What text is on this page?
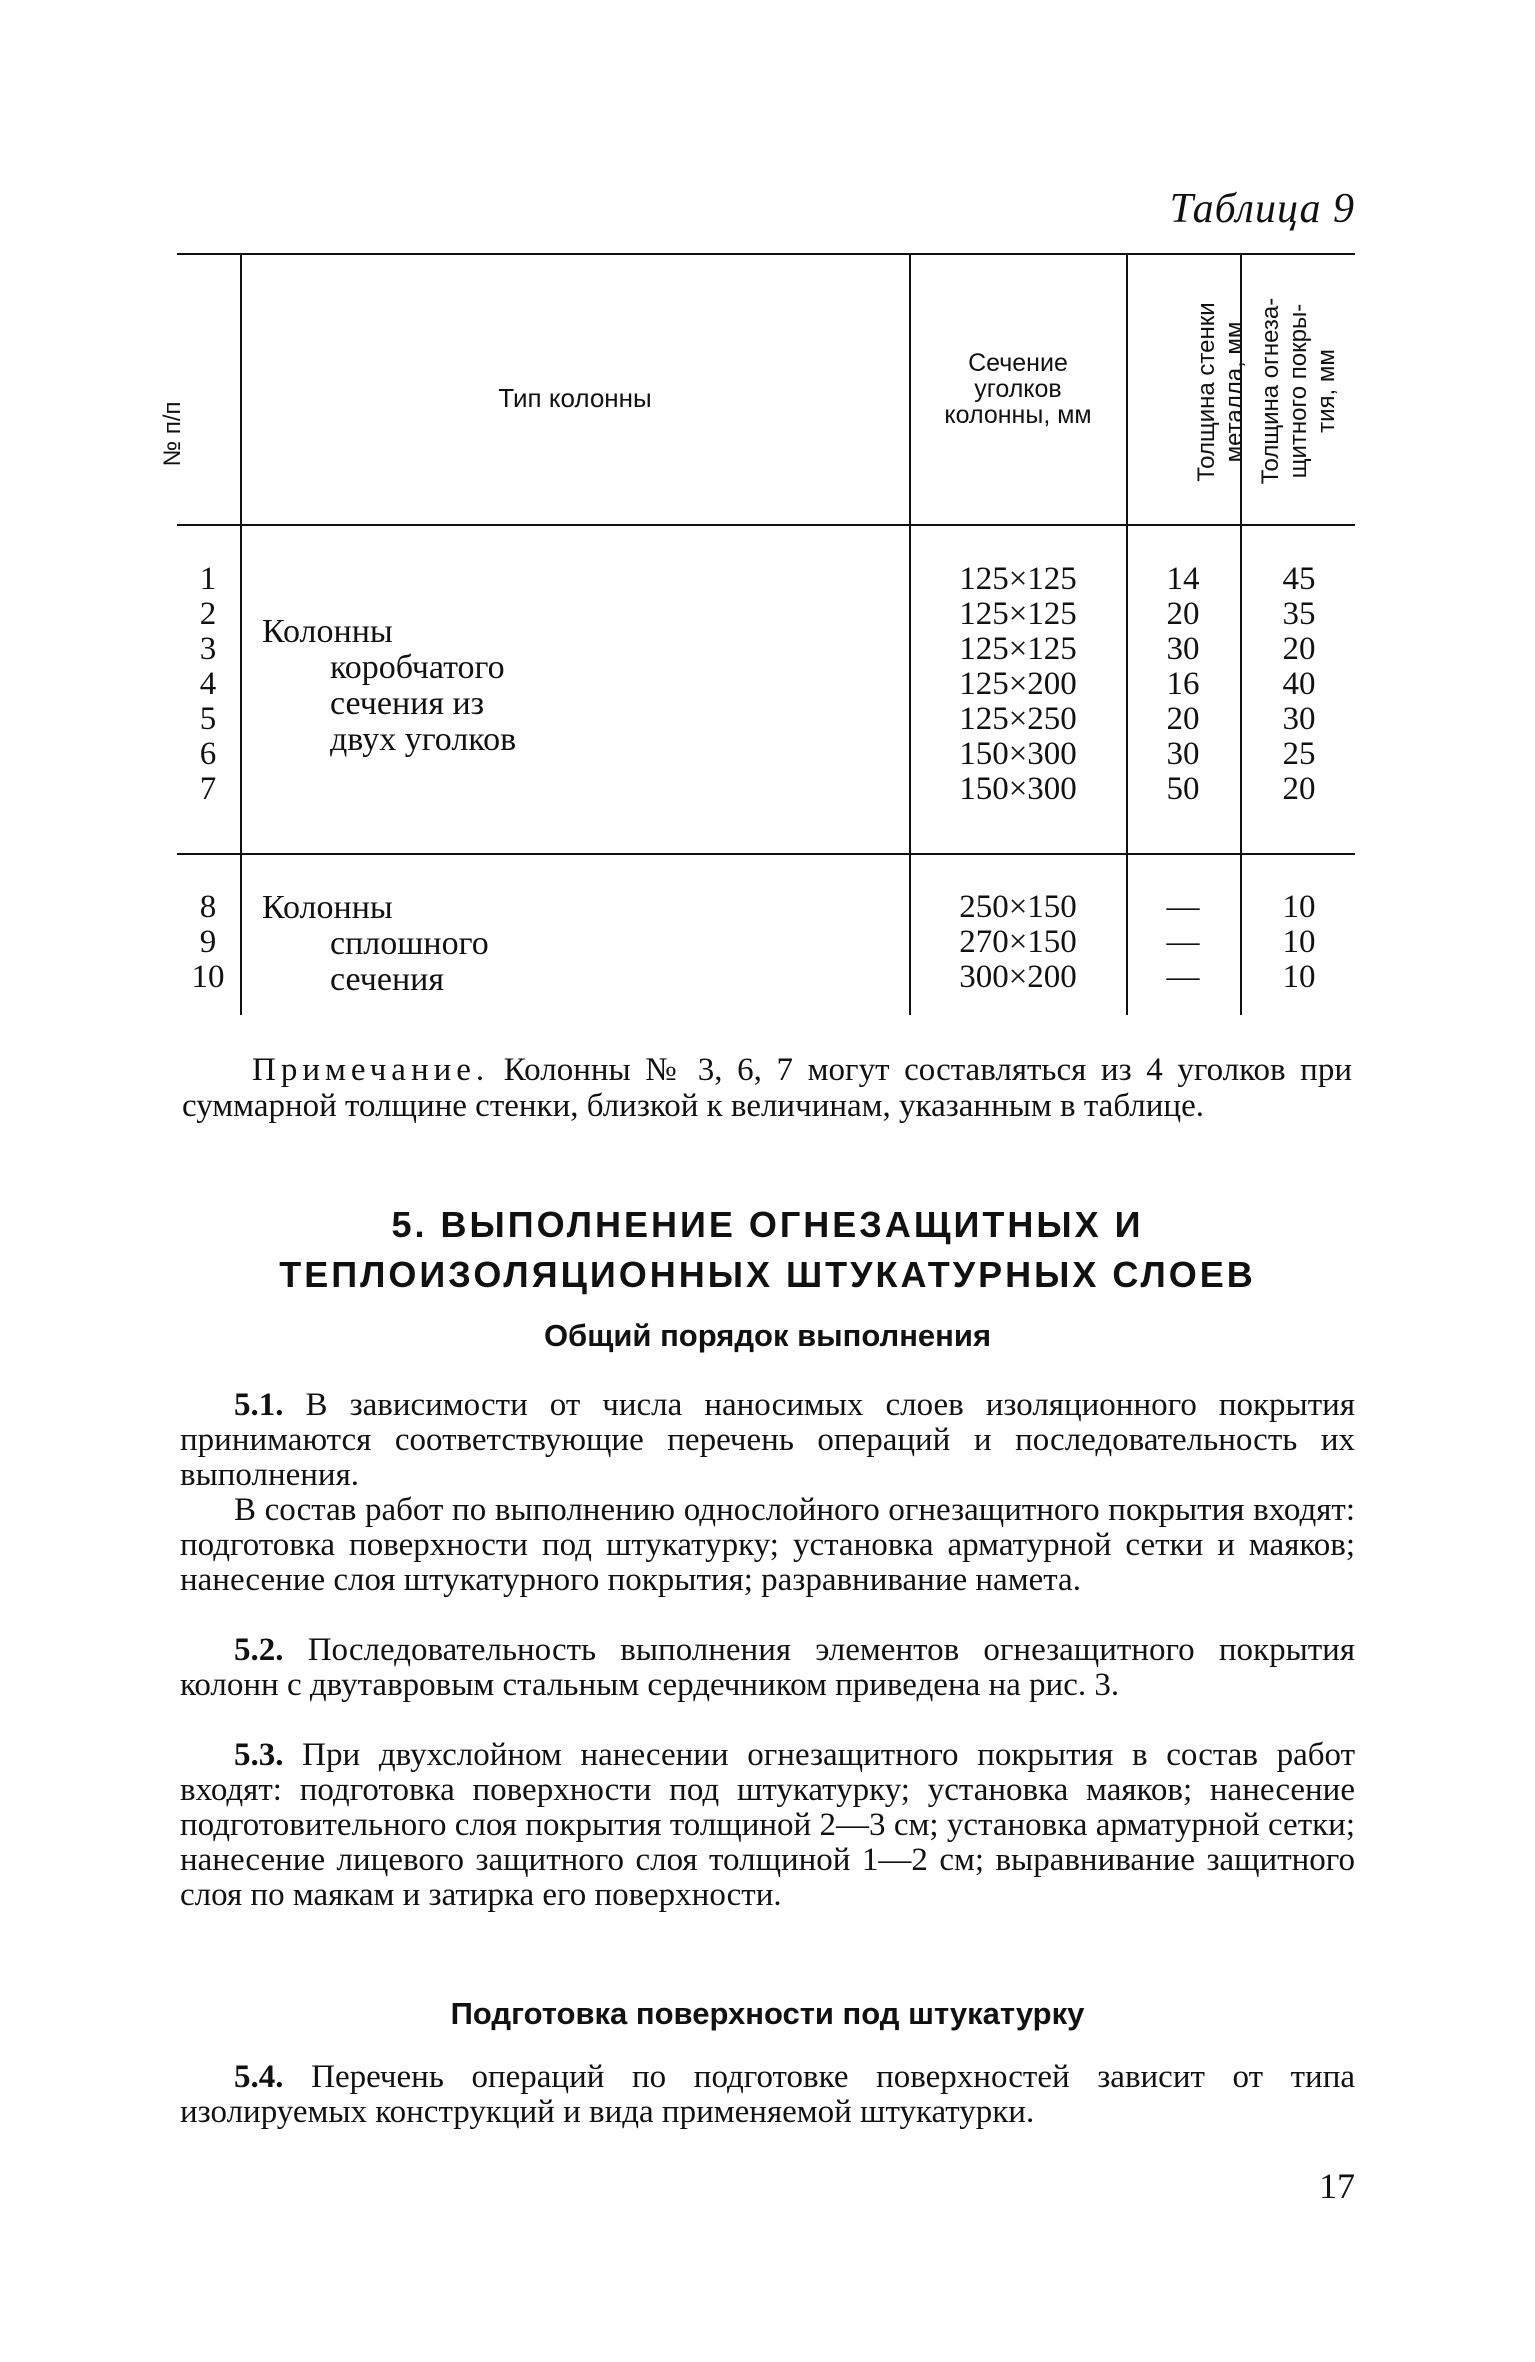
Таблица 9
№ п/п
Тип колонны
Сечение
уголков
колонны, мм	Толщина стенки металла, мм Толщина огнеза- щитного покры- тия, мм
1
2
3
4
5
6
7
Колонны
коробчатого
сечения из
двух уголков
125×125
125×125
125×125
125×200
125×250
150×300
150×300
14
20
30
16
20
30
50
45
35
20
40
30
25
20
8
9
10
Колонны
сплошного
сечения
250×150
270×150
300×200
—
—
—
10
10
10
Примечание. Колонны № 3, 6, 7 могут составляться из 4 уголков при суммарной толщине стенки, близкой к величинам, указанным в таблице.
5. ВЫПОЛНЕНИЕ ОГНЕЗАЩИТНЫХ И
ТЕПЛОИЗОЛЯЦИОННЫХ ШТУКАТУРНЫХ СЛОЕВ
Общий порядок выполнения
5.1. В зависимости от числа наносимых слоев изоляционного покрытия принимаются соответствующие перечень операций и последовательность их выполнения.
В состав работ по выполнению однослойного огнезащитного покрытия входят: подготовка поверхности под штукатурку; установка арматурной сетки и маяков; нанесение слоя штукатурного покрытия; разравнивание намета.
5.2. Последовательность выполнения элементов огнезащитного покрытия колонн с двутавровым стальным сердечником приведена на рис. 3.
5.3. При двухслойном нанесении огнезащитного покрытия в состав работ входят: подготовка поверхности под штукатурку; установка маяков; нанесение подготовительного слоя покрытия толщиной 2—3 см; установка арматурной сетки; нанесение лицевого защитного слоя толщиной 1—2 см; выравнивание защитного слоя по маякам и затирка его поверхности.
Подготовка поверхности под штукатурку
5.4. Перечень операций по подготовке поверхностей зависит от типа изолируемых конструкций и вида применяемой штукатурки.
17
